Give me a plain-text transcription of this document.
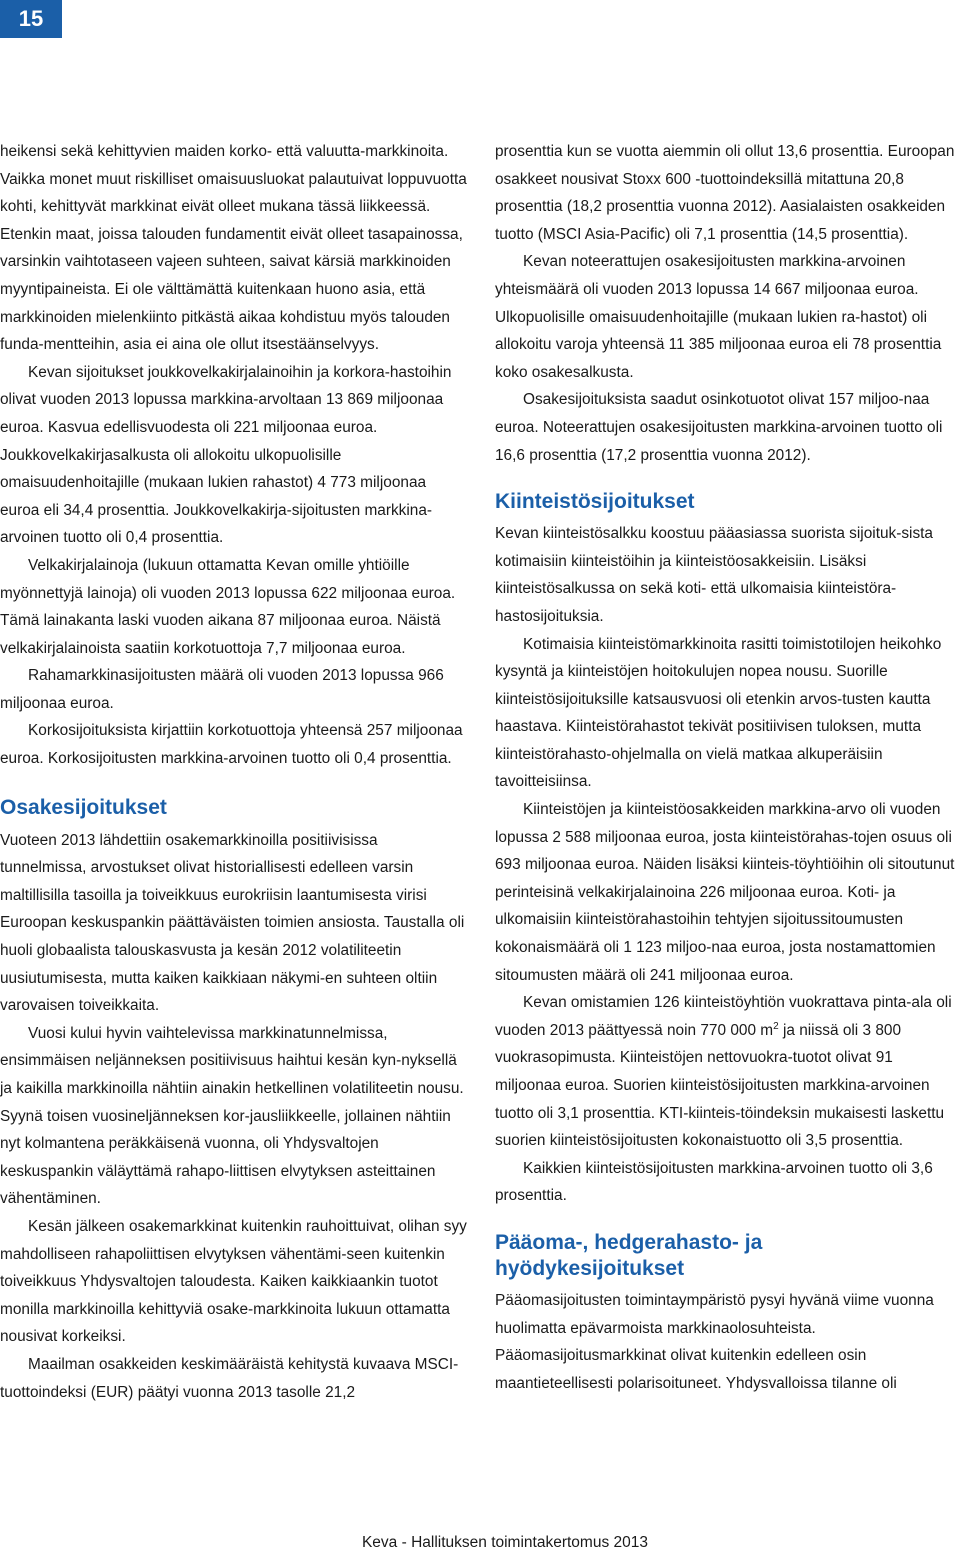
15

heikensi sekä kehittyvien maiden korko- että valuutta-markkinoita. Vaikka monet muut riskilliset omaisuusluokat palautuivat loppuvuotta kohti, kehittyvät markkinat eivät olleet mukana tässä liikkeessä. Etenkin maat, joissa talouden fundamentit eivät olleet tasapainossa, varsinkin vaihtotaseen vajeen suhteen, saivat kärsiä markkinoiden myyntipaineista. Ei ole välttämättä kuitenkaan huono asia, että markkinoiden mielenkiinto pitkästä aikaa kohdistuu myös talouden funda-mentteihin, asia ei aina ole ollut itsestäänselvyys.

Kevan sijoitukset joukkovelkakirjalainoihin ja korkora-hastoihin olivat vuoden 2013 lopussa markkina-arvoltaan 13 869 miljoonaa euroa. Kasvua edellisvuodesta oli 221 miljoonaa euroa. Joukkovelkakirjasalkusta oli allokoitu ulkopuolisille omaisuudenhoitajille (mukaan lukien rahastot) 4 773 miljoonaa euroa eli 34,4 prosenttia. Joukkovelkakirja-sijoitusten markkina-arvoinen tuotto oli 0,4 prosenttia.

Velkakirjalainoja (lukuun ottamatta Kevan omille yhtiöille myönnettyjä lainoja) oli vuoden 2013 lopussa 622 miljoonaa euroa. Tämä lainakanta laski vuoden aikana 87 miljoonaa euroa. Näistä velkakirjalainoista saatiin korkotuottoja 7,7 miljoonaa euroa.

Rahamarkkinasijoitusten määrä oli vuoden 2013 lopussa 966 miljoonaa euroa.

Korkosijoituksista kirjattiin korkotuottoja yhteensä 257 miljoonaa euroa. Korkosijoitusten markkina-arvoinen tuotto oli 0,4 prosenttia.

Osakesijoitukset

Vuoteen 2013 lähdettiin osakemarkkinoilla positiivisissa tunnelmissa, arvostukset olivat historiallisesti edelleen varsin maltillisilla tasoilla ja toiveikkuus eurokriisin laantumisesta virisi Euroopan keskuspankin päättäväisten toimien ansiosta. Taustalla oli huoli globaalista talouskasvusta ja kesän 2012 volatiliteetin uusiutumisesta, mutta kaiken kaikkiaan näkymi-en suhteen oltiin varovaisen toiveikkaita.

Vuosi kului hyvin vaihtelevissa markkinatunnelmissa, ensimmäisen neljänneksen positiivisuus haihtui kesän kyn-nyksellä ja kaikilla markkinoilla nähtiin ainakin hetkellinen volatiliteetin nousu. Syynä toisen vuosineljänneksen kor-jausliikkeelle, jollainen nähtiin nyt kolmantena peräkkäisenä vuonna, oli Yhdysvaltojen keskuspankin väläyttämä rahapo-liittisen elvytyksen asteittainen vähentäminen.

Kesän jälkeen osakemarkkinat kuitenkin rauhoittuivat, olihan syy mahdolliseen rahapoliittisen elvytyksen vähentämi-seen kuitenkin toiveikkuus Yhdysvaltojen taloudesta. Kaiken kaikkiaankin tuotot monilla markkinoilla kehittyviä osake-markkinoita lukuun ottamatta nousivat korkeiksi.

Maailman osakkeiden keskimääräistä kehitystä kuvaava MSCI-tuottoindeksi (EUR) päätyi vuonna 2013 tasolle 21,2

prosenttia kun se vuotta aiemmin oli ollut 13,6 prosenttia. Euroopan osakkeet nousivat Stoxx 600 -tuottoindeksillä mitattuna 20,8 prosenttia (18,2 prosenttia vuonna 2012). Aasialaisten osakkeiden tuotto (MSCI Asia-Pacific) oli 7,1 prosenttia (14,5 prosenttia).

Kevan noteerattujen osakesijoitusten markkina-arvoinen yhteismäärä oli vuoden 2013 lopussa 14 667 miljoonaa euroa. Ulkopuolisille omaisuudenhoitajille (mukaan lukien ra-hastot) oli allokoitu varoja yhteensä 11 385 miljoonaa euroa eli 78 prosenttia koko osakesalkusta.

Osakesijoituksista saadut osinkotuotot olivat 157 miljoo-naa euroa. Noteerattujen osakesijoitusten markkina-arvoinen tuotto oli 16,6 prosenttia (17,2 prosenttia vuonna 2012).

Kiinteistösijoitukset

Kevan kiinteistösalkku koostuu pääasiassa suorista sijoituk-sista kotimaisiin kiinteistöihin ja kiinteistöosakkeisiin. Lisäksi kiinteistösalkussa on sekä koti- että ulkomaisia kiinteistöra-hastosijoituksia.

Kotimaisia kiinteistömarkkinoita rasitti toimistotilojen heikohko kysyntä ja kiinteistöjen hoitokulujen nopea nousu. Suorille kiinteistösijoituksille katsausvuosi oli etenkin arvos-tusten kautta haastava. Kiinteistörahastot tekivät positiivisen tuloksen, mutta kiinteistörahasto-ohjelmalla on vielä matkaa alkuperäisiin tavoitteisiinsa.

Kiinteistöjen ja kiinteistöosakkeiden markkina-arvo oli vuoden lopussa 2 588 miljoonaa euroa, josta kiinteistörahas-tojen osuus oli 693 miljoonaa euroa. Näiden lisäksi kiinteis-töyhtiöihin oli sitoutunut perinteisinä velkakirjalainoina 226 miljoonaa euroa. Koti- ja ulkomaisiin kiinteistörahastoihin tehtyjen sijoitussitoumusten kokonaismäärä oli 1 123 miljoo-naa euroa, josta nostamattomien sitoumusten määrä oli 241 miljoonaa euroa.

Kevan omistamien 126 kiinteistöyhtiön vuokrattava pinta-ala oli vuoden 2013 päättyessä noin 770 000 $m^2$ ja niissä oli 3 800 vuokrasopimusta. Kiinteistöjen nettovuokra-tuotot olivat 91 miljoonaa euroa. Suorien kiinteistösijoitusten markkina-arvoinen tuotto oli 3,1 prosenttia. KTI-kiinteis-töindeksin mukaisesti laskettu suorien kiinteistösijoitusten kokonaistuotto oli 3,5 prosenttia.

Kaikkien kiinteistösijoitusten markkina-arvoinen tuotto oli 3,6 prosenttia.

Pääoma-, hedgerahasto- ja
hyödykesijoitukset

Pääomasijoitusten toimintaympäristö pysyi hyvänä viime vuonna huolimatta epävarmoista markkinaolosuhteista. Pääomasijoitusmarkkinat olivat kuitenkin edelleen osin maantieteellisesti polarisoituneet. Yhdysvalloissa tilanne oli

Keva - Hallituksen toimintakertomus 2013
